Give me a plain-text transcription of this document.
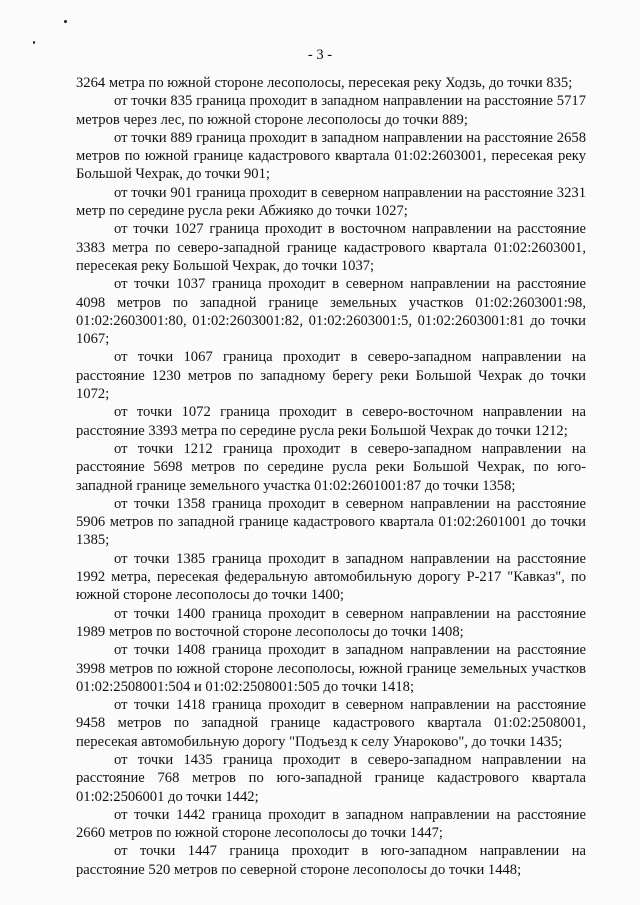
- 3 -

3264 метра по южной стороне лесополосы, пересекая реку Ходзь, до точки 835;

от точки 835 граница проходит в западном направлении на расстояние 5717 метров через лес, по южной стороне лесополосы до точки 889;

от точки 889 граница проходит в западном направлении на расстояние 2658 метров по южной границе кадастрового квартала 01:02:2603001, пересекая реку Большой Чехрак, до точки 901;

от точки 901 граница проходит в северном направлении на расстояние 3231 метр по середине русла реки Абжияко до точки 1027;

от точки 1027 граница проходит в восточном направлении на расстояние 3383 метра по северо-западной границе кадастрового квартала 01:02:2603001, пересекая реку Большой Чехрак, до точки 1037;

от точки 1037 граница проходит в северном направлении на расстояние 4098 метров по западной границе земельных участков 01:02:2603001:98, 01:02:2603001:80, 01:02:2603001:82, 01:02:2603001:5, 01:02:2603001:81 до точки 1067;

от точки 1067 граница проходит в северо-западном направлении на расстояние 1230 метров по западному берегу реки Большой Чехрак до точки 1072;

от точки 1072 граница проходит в северо-восточном направлении на расстояние 3393 метра по середине русла реки Большой Чехрак до точки 1212;

от точки 1212 граница проходит в северо-западном направлении на расстояние 5698 метров по середине русла реки Большой Чехрак, по юго-западной границе земельного участка 01:02:2601001:87 до точки 1358;

от точки 1358 граница проходит в северном направлении на расстояние 5906 метров по западной границе кадастрового квартала 01:02:2601001 до точки 1385;

от точки 1385 граница проходит в западном направлении на расстояние 1992 метра, пересекая федеральную автомобильную дорогу Р-217 "Кавказ", по южной стороне лесополосы до точки 1400;

от точки 1400 граница проходит в северном направлении на расстояние 1989 метров по восточной стороне лесополосы до точки 1408;

от точки 1408 граница проходит в западном направлении на расстояние 3998 метров по южной стороне лесополосы, южной границе земельных участков 01:02:2508001:504 и 01:02:2508001:505 до точки 1418;

от точки 1418 граница проходит в северном направлении на расстояние 9458 метров по западной границе кадастрового квартала 01:02:2508001, пересекая автомобильную дорогу "Подъезд к селу Унароково", до точки 1435;

от точки 1435 граница проходит в северо-западном направлении на расстояние 768 метров по юго-западной границе кадастрового квартала 01:02:2506001 до точки 1442;

от точки 1442 граница проходит в западном направлении на расстояние 2660 метров по южной стороне лесополосы до точки 1447;

от точки 1447 граница проходит в юго-западном направлении на расстояние 520 метров по северной стороне лесополосы до точки 1448;
